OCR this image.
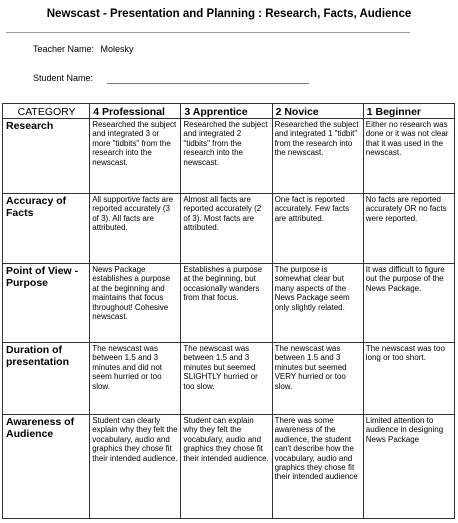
Newscast - Presentation and Planning : Research, Facts, Audience
Teacher Name: Molesky
Student Name:
CATEGORY	4 Professional	3 Apprentice	2 Novice	1 Beginner
Research	Researched the subject and integrated 3 or more "tidbits" from the research into the newscast.	Researched the subject and integrated 2 "tidbits" from the research into the newscast.	Researched the subject and integrated 1 "tidbit" from the research into the newscast.	Either no research was done or it was not clear that it was used in the newscast.
Accuracy of Facts	All supportive facts are reported accurately (3 of 3). All facts are attributed.	Almost all facts are reported accurately (2 of 3). Most facts are attributed.	One fact is reported accurately. Few facts are attributed.	No facts are reported accurately OR no facts were reported.
Point of View - Purpose	News Package establishes a purpose at the beginning and maintains that focus throughout! Cohesive newscast.	Establishes a purpose at the beginning, but occasionally wanders from that focus.	The purpose is somewhat clear but many aspects of the News Package seem only slightly related.	It was difficult to figure out the purpose of the News Package.
Duration of presentation	The newscast was between 1.5 and 3 minutes and did not seem hurried or too slow.	The newscast was between 1.5 and 3 minutes but seemed SLIGHTLY hurried or too slow.	The newscast was between 1.5 and 3 minutes but seemed VERY hurried or too slow.	The newscast was too long or too short.
Awareness of Audience	Student can clearly explain why they felt the vocabulary, audio and graphics they chose fit their intended audience.	Student can explain why they felt the vocabulary, audio and graphics they chose fit their intended audience.	There was some awareness of the audience, the student can't describe how the vocabulary, audio and graphics they chose fit their intended audience	Limited attention to audience in designing News Package
